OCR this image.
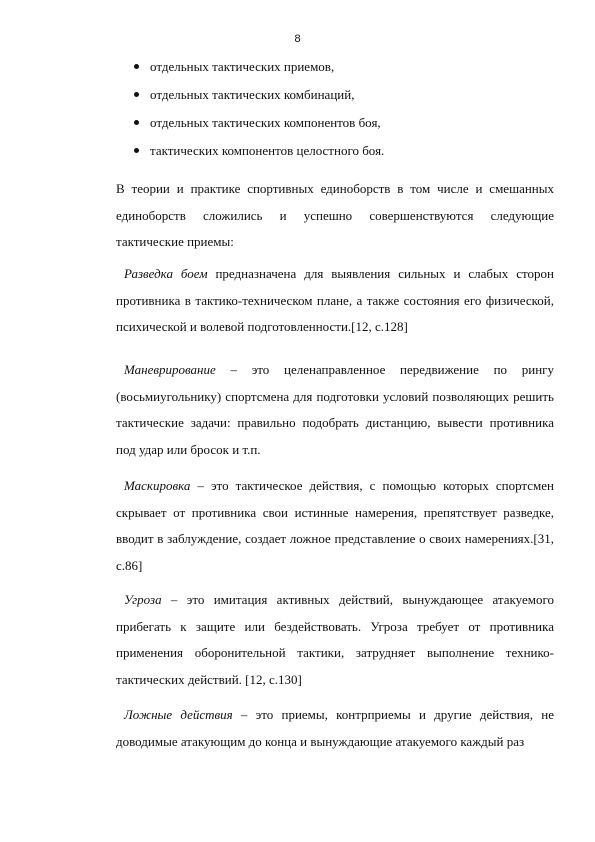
8
отдельных тактических приемов,
отдельных тактических комбинаций,
отдельных тактических компонентов боя,
тактических компонентов целостного боя.

В теории и практике спортивных единоборств в том числе и смешанных единоборств сложились и успешно совершенствуются следующие тактические приемы:

Разведка боем предназначена для выявления сильных и слабых сторон противника в тактико-техническом плане, а также состояния его физической, психической и волевой подготовленности.[12, с.128]

Маневрирование – это целенаправленное передвижение по рингу (восьмиугольнику) спортсмена для подготовки условий позволяющих решить тактические задачи: правильно подобрать дистанцию, вывести противника под удар или бросок и т.п.

Маскировка – это тактическое действия, с помощью которых спортсмен скрывает от противника свои истинные намерения, препятствует разведке, вводит в заблуждение, создает ложное представление о своих намерениях.[31, с.86]

Угроза – это имитация активных действий, вынуждающее атакуемого прибегать к защите или бездействовать. Угроза требует от противника применения оборонительной тактики, затрудняет выполнение технико-тактических действий. [12, с.130]

Ложные действия – это приемы, контрприемы и другие действия, не доводимые атакующим до конца и вынуждающие атакуемого каждый раз
